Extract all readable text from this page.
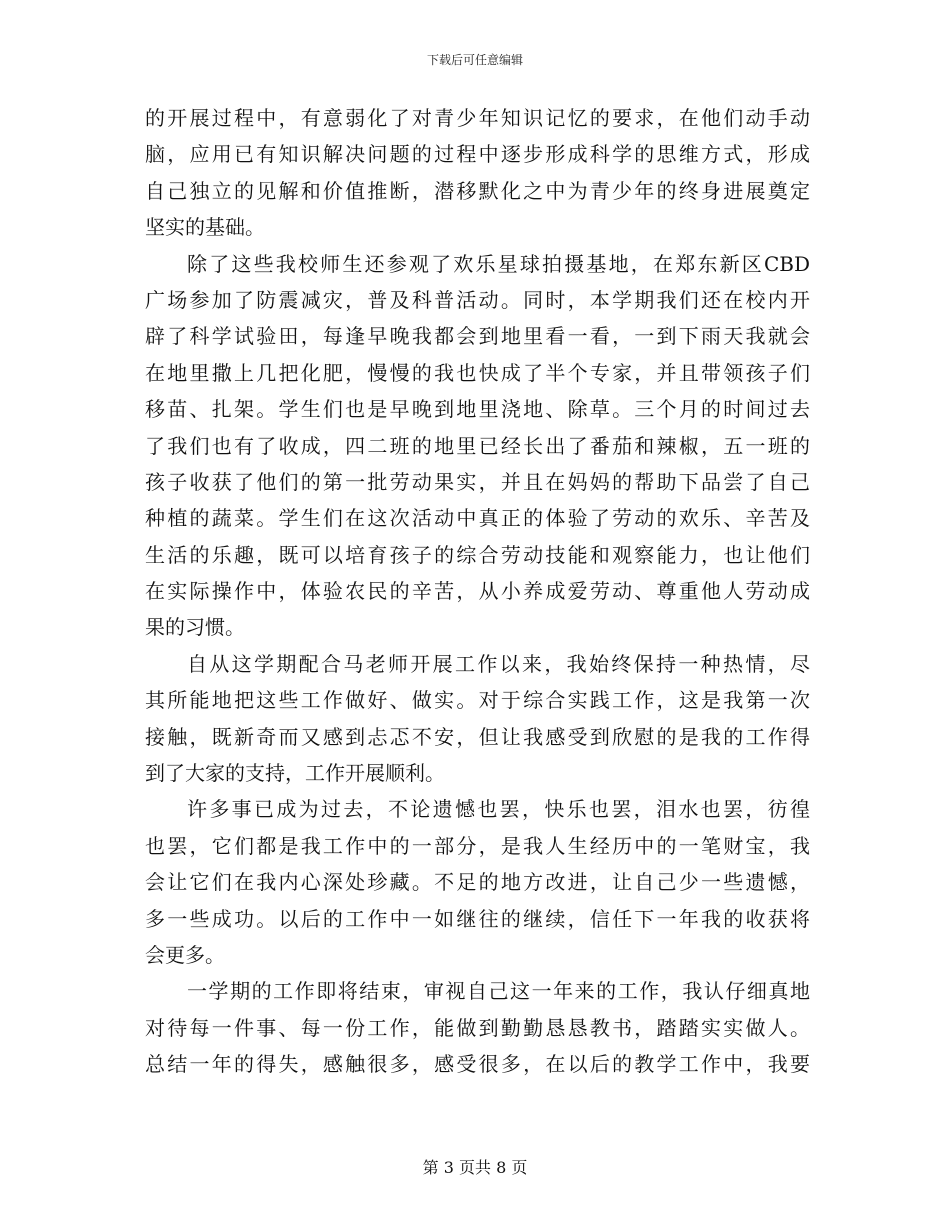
下载后可任意编辑
的开展过程中，有意弱化了对青少年知识记忆的要求，在他们动手动
脑，应用已有知识解决问题的过程中逐步形成科学的思维方式，形成
自己独立的见解和价值推断，潜移默化之中为青少年的终身进展奠定
坚实的基础。
除了这些我校师生还参观了欢乐星球拍摄基地，在郑东新区CBD
广场参加了防震减灾，普及科普活动。同时，本学期我们还在校内开
辟了科学试验田，每逢早晚我都会到地里看一看，一到下雨天我就会
在地里撒上几把化肥，慢慢的我也快成了半个专家，并且带领孩子们
移苗、扎架。学生们也是早晚到地里浇地、除草。三个月的时间过去
了我们也有了收成，四二班的地里已经长出了番茄和辣椒，五一班的
孩子收获了他们的第一批劳动果实，并且在妈妈的帮助下品尝了自己
种植的蔬菜。学生们在这次活动中真正的体验了劳动的欢乐、辛苦及
生活的乐趣，既可以培育孩子的综合劳动技能和观察能力，也让他们
在实际操作中，体验农民的辛苦，从小养成爱劳动、尊重他人劳动成
果的习惯。
自从这学期配合马老师开展工作以来，我始终保持一种热情，尽
其所能地把这些工作做好、做实。对于综合实践工作，这是我第一次
接触，既新奇而又感到忐忑不安，但让我感受到欣慰的是我的工作得
到了大家的支持，工作开展顺利。
许多事已成为过去，不论遗憾也罢，快乐也罢，泪水也罢，彷徨
也罢，它们都是我工作中的一部分，是我人生经历中的一笔财宝，我
会让它们在我内心深处珍藏。不足的地方改进，让自己少一些遗憾，
多一些成功。以后的工作中一如继往的继续，信任下一年我的收获将
会更多。
一学期的工作即将结束，审视自己这一年来的工作，我认仔细真地
对待每一件事、每一份工作，能做到勤勤恳恳教书，踏踏实实做人。
总结一年的得失，感触很多，感受很多，在以后的教学工作中，我要
第 3 页共 8 页
